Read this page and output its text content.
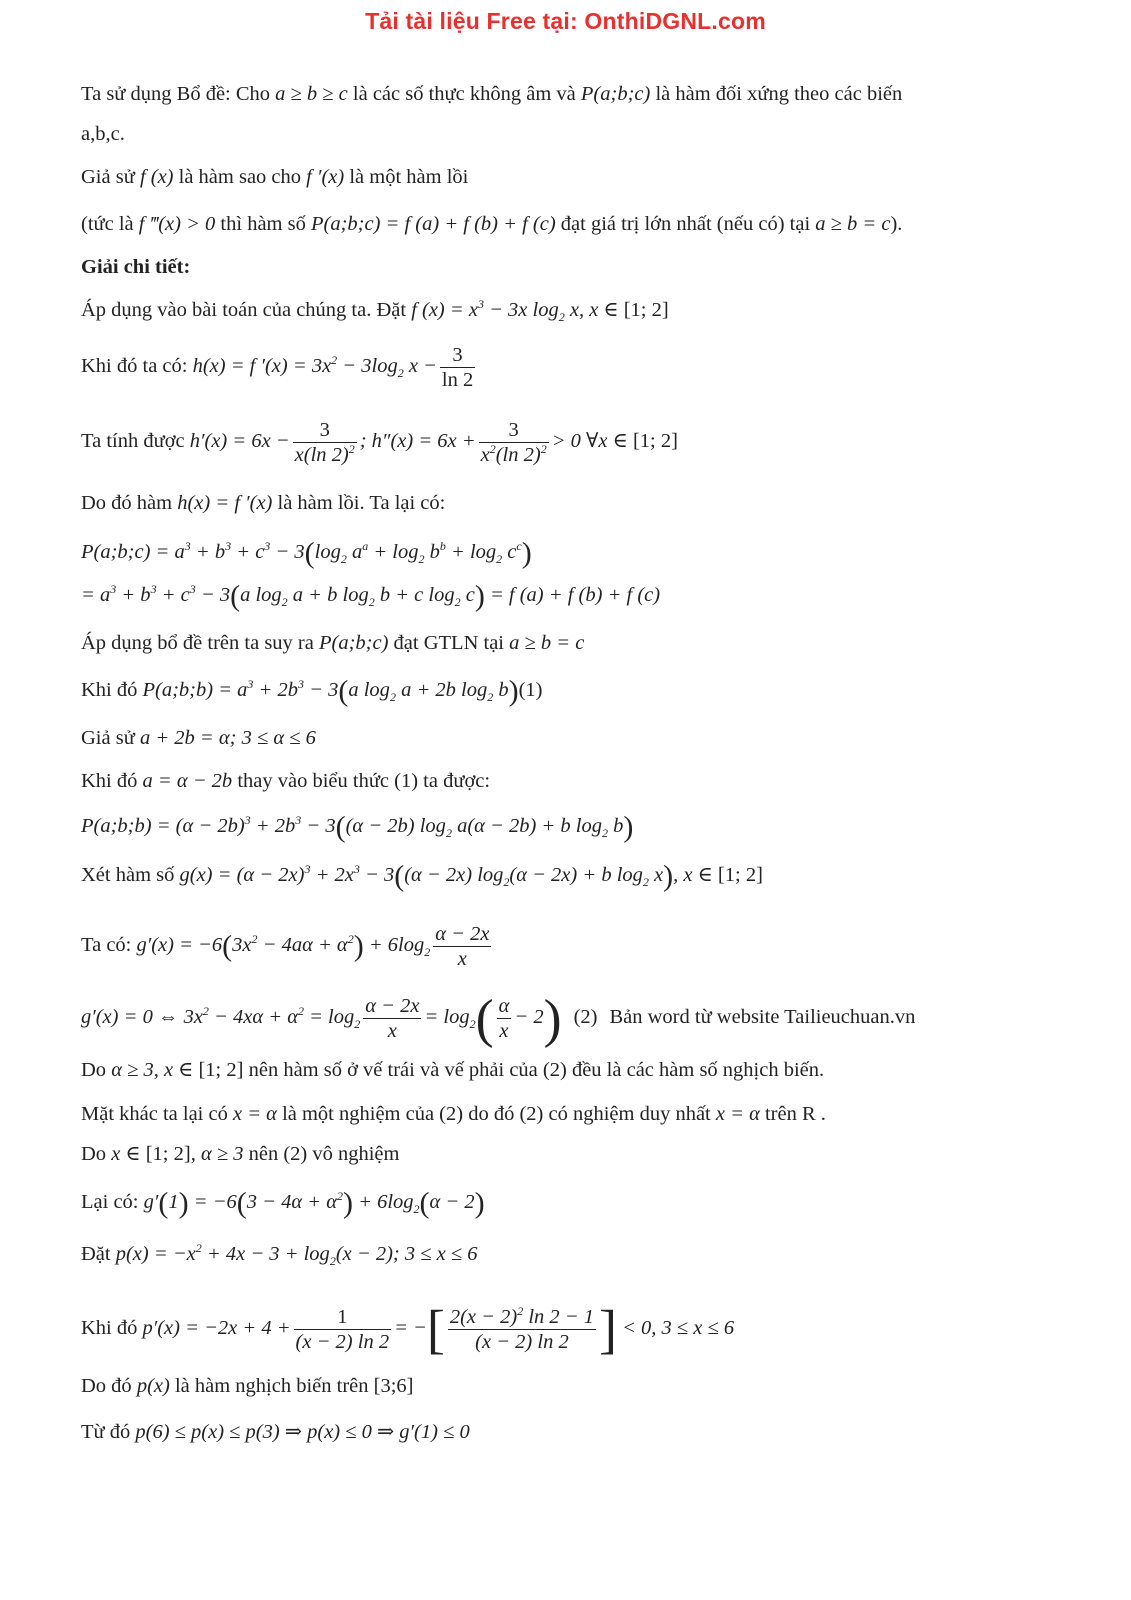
Tải tài liệu Free tại: OnthiDGNL.com
Ta sử dụng Bổ đề: Cho a ≥ b ≥ c là các số thực không âm và P(a;b;c) là hàm đối xứng theo các biến
a,b,c.
Giả sử f (x) là hàm sao cho f ′(x) là một hàm lồi
(tức là f ‴(x) > 0 thì hàm số P(a;b;c) = f (a) + f (b) + f (c) đạt giá trị lớn nhất (nếu có) tại a ≥ b = c).
Giải chi tiết:
Áp dụng vào bài toán của chúng ta. Đặt f $(x) = x^3 - 3x$ $\log_2 x$, x ∈ [1; 2]
Khi đó ta có: h(x) = f $'(x) = 3x^2 - 3\log_2$ $x - \frac{3}{\ln 2}$
Ta tính được $h'(x) = 6x - \frac{3}{x(\ln 2)^2}$ ; $h''(x) = 6x + \frac{3}{x^2(\ln 2)^2} > 0$ ∀x ∈ [1; 2]
Do đó hàm h(x) = f ′(x) là hàm lồi. Ta lại có:
P(a;b;c) = $a^3 + b^3 + c^3 - 3(\log_2$ $a^a + \log_2 b^b + \log_2 c^c$)
= $a^3 + b^3 + c^3 - 3(a$ $\log_2 a + b$ $\log_2 b + c$ $\log_2 c) = f$ (a) + f (b) + f (c)
Áp dụng bổ đề trên ta suy ra P(a;b;c) đạt GTLN tại a ≥ b = c
Khi đó P(a;b;b) = $a^3 + 2b^3 - 3(a$ $\log_2 a + 2b$ $\log_2 b)(1)$
Giả sử a + 2b = α; 3 ≤ α ≤ 6
Khi đó a = α − 2b thay vào biểu thức (1) ta được:
P(a;b;b) = $(\alpha - 2b)^3 + 2b^3 - 3((\alpha - 2b)$ $\log_2 a(\alpha - 2b) + b$ $\log_2 b$)
Xét hàm số $g(x) = (\alpha - 2x)^3 + 2x^3 - 3((\alpha - 2x) \log_2(\alpha - 2x) + b$ $\log_2 x$), x ∈ [1; 2]
Ta có: $g'(x) = -6(3x^2 - 4a\alpha + \alpha^2) + 6\log_2 \frac{\alpha - 2x}{x}$
g′(x) = 0 ⇔ $3x^2 - 4x\alpha + \alpha^2 = \log_2 \frac{\alpha - 2x}{x} = \log_2( \frac{\alpha}{x} - 2)$ (2) Bản word từ website Tailieuchuan.vn
Do α ≥ 3, x ∈ [1; 2] nên hàm số ở vế trái và vế phải của (2) đều là các hàm số nghịch biến.
Mặt khác ta lại có x = α là một nghiệm của (2) do đó (2) có nghiệm duy nhất x = α trên R .
Do x ∈ [1; 2], α ≥ 3 nên (2) vô nghiệm
Lại có: $g'(1) = -6(3 - 4\alpha + \alpha^2) + 6\log_2(\alpha - 2)$
Đặt $p(x) = -x^2 + 4x - 3 + \log_2(x - 2)$; 3 ≤ x ≤ 6
Khi đó $p'(x) = -2x + 4 + \frac{1}{(x - 2) \ln 2}$ = −[ $\frac{2(x - 2)^2 \ln 2 - 1}{(x - 2) \ln 2}$ ] < 0, 3 ≤ x ≤ 6
Do đó p(x) là hàm nghịch biến trên [3;6]
Từ đó p(6) ≤ p(x) ≤ p(3) ⇒ p(x) ≤ 0 ⇒ g′(1) ≤ 0
